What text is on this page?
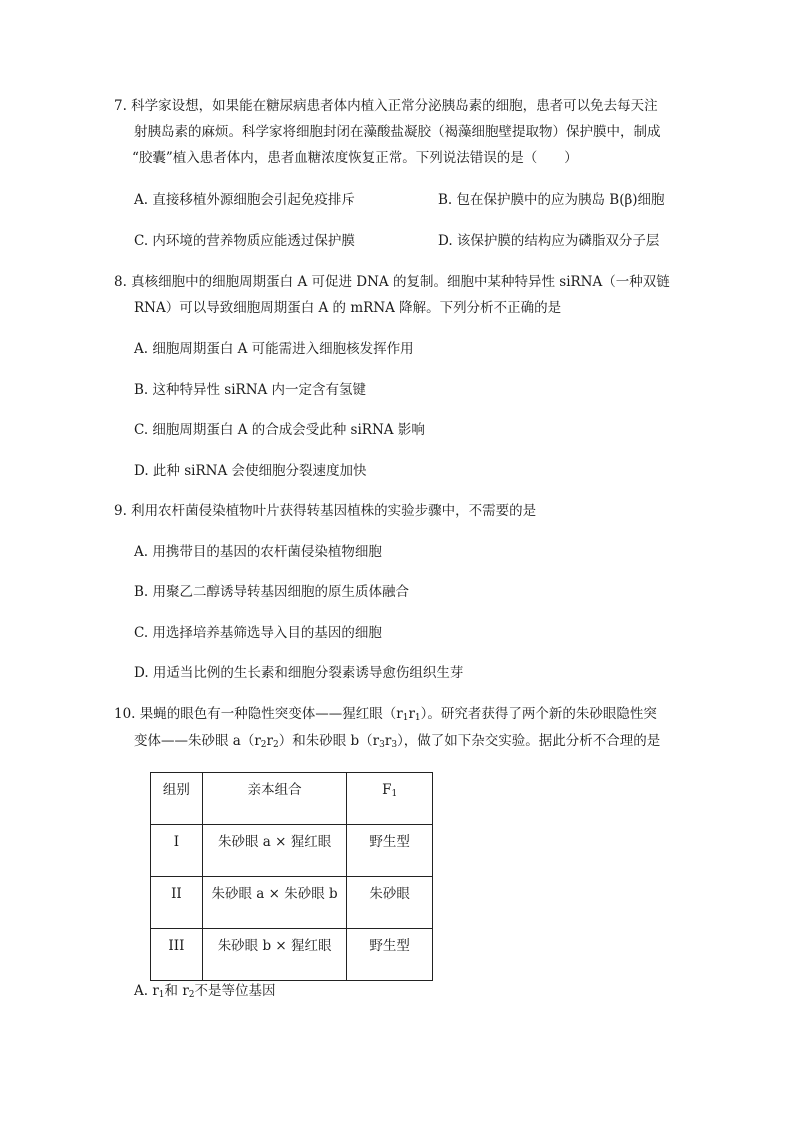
7. 科学家设想，如果能在糖尿病患者体内植入正常分泌胰岛素的细胞，患者可以免去每天注
射胰岛素的麻烦。科学家将细胞封闭在藻酸盐凝胶（褐藻细胞壁提取物）保护膜中，制成
“胶囊”植入患者体内，患者血糖浓度恢复正常。下列说法错误的是（　　）
A. 直接移植外源细胞会引起免疫排斥	B. 包在保护膜中的应为胰岛 B(β)细胞
C. 内环境的营养物质应能透过保护膜	D. 该保护膜的结构应为磷脂双分子层
8. 真核细胞中的细胞周期蛋白 A 可促进 DNA 的复制。细胞中某种特异性 siRNA（一种双链
RNA）可以导致细胞周期蛋白 A 的 mRNA 降解。下列分析不正确的是
A. 细胞周期蛋白 A 可能需进入细胞核发挥作用
B. 这种特异性 siRNA 内一定含有氢键
C. 细胞周期蛋白 A 的合成会受此种 siRNA 影响
D. 此种 siRNA 会使细胞分裂速度加快
9. 利用农杆菌侵染植物叶片获得转基因植株的实验步骤中，不需要的是
A. 用携带目的基因的农杆菌侵染植物细胞
B. 用聚乙二醇诱导转基因细胞的原生质体融合
C. 用选择培养基筛选导入目的基因的细胞
D. 用适当比例的生长素和细胞分裂素诱导愈伤组织生芽
10. 果蝇的眼色有一种隐性突变体——猩红眼$(r_1r_1)$。研究者获得了两个新的朱砂眼隐性突
变体——朱砂眼 $a(r_2r_2)$和朱砂眼 $b(r_3r_3)$，做了如下杂交实验。据此分析不合理的是
组别	亲本组合	$F_1$
I	朱砂眼 a × 猩红眼	野生型
II	朱砂眼 a × 朱砂眼 b	朱砂眼
III	朱砂眼 b × 猩红眼	野生型
A. $r_1$和 $r_2$不是等位基因
